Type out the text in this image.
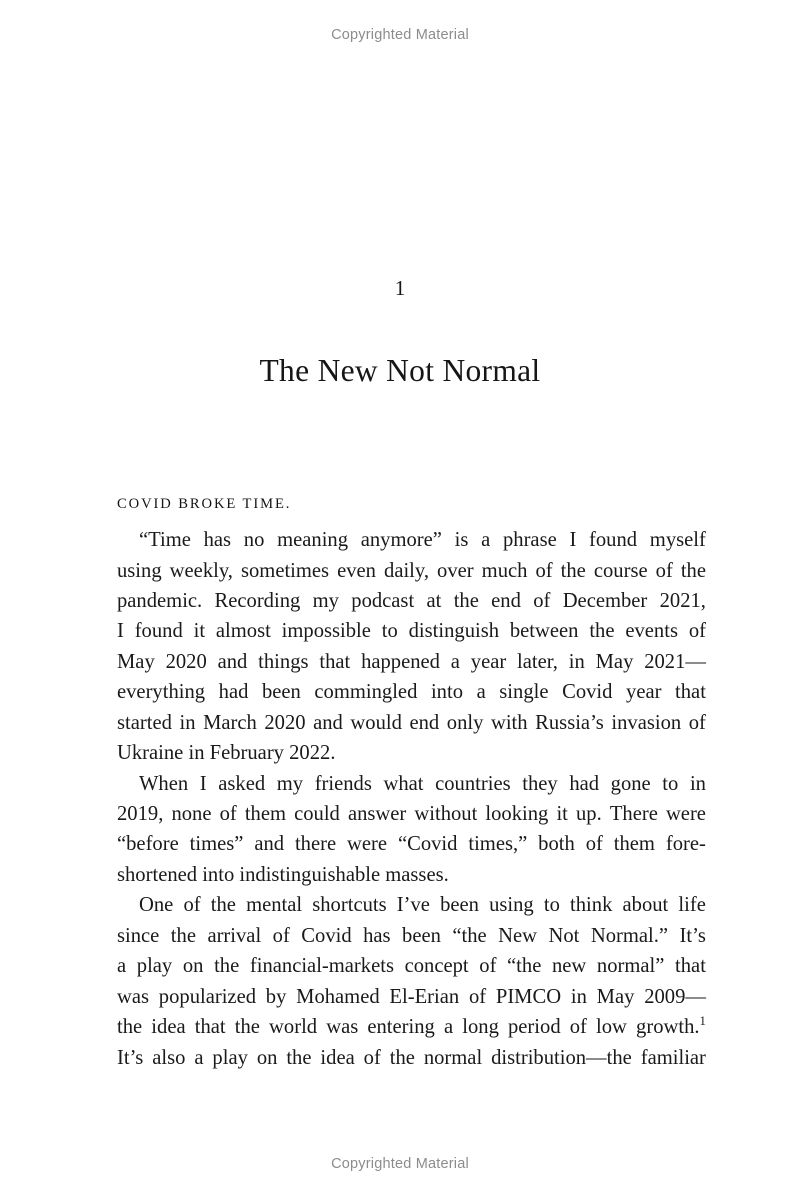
Copyrighted Material
1
The New Not Normal
COVID BROKE TIME.
“Time has no meaning anymore” is a phrase I found myself
using weekly, sometimes even daily, over much of the course of the
pandemic. Recording my podcast at the end of December 2021,
I found it almost impossible to distinguish between the events of
May 2020 and things that happened a year later, in May 2021—
everything had been commingled into a single Covid year that
started in March 2020 and would end only with Russia’s invasion of
Ukraine in February 2022.
When I asked my friends what countries they had gone to in
2019, none of them could answer without looking it up. There were
“before times” and there were “Covid times,” both of them fore-
shortened into indistinguishable masses.
One of the mental shortcuts I’ve been using to think about life
since the arrival of Covid has been “the New Not Normal.” It’s
a play on the financial-markets concept of “the new normal” that
was popularized by Mohamed El-Erian of PIMCO in May 2009—
the idea that the world was entering a long period of low growth.$^1$
It’s also a play on the idea of the normal distribution—the familiar
Copyrighted Material
